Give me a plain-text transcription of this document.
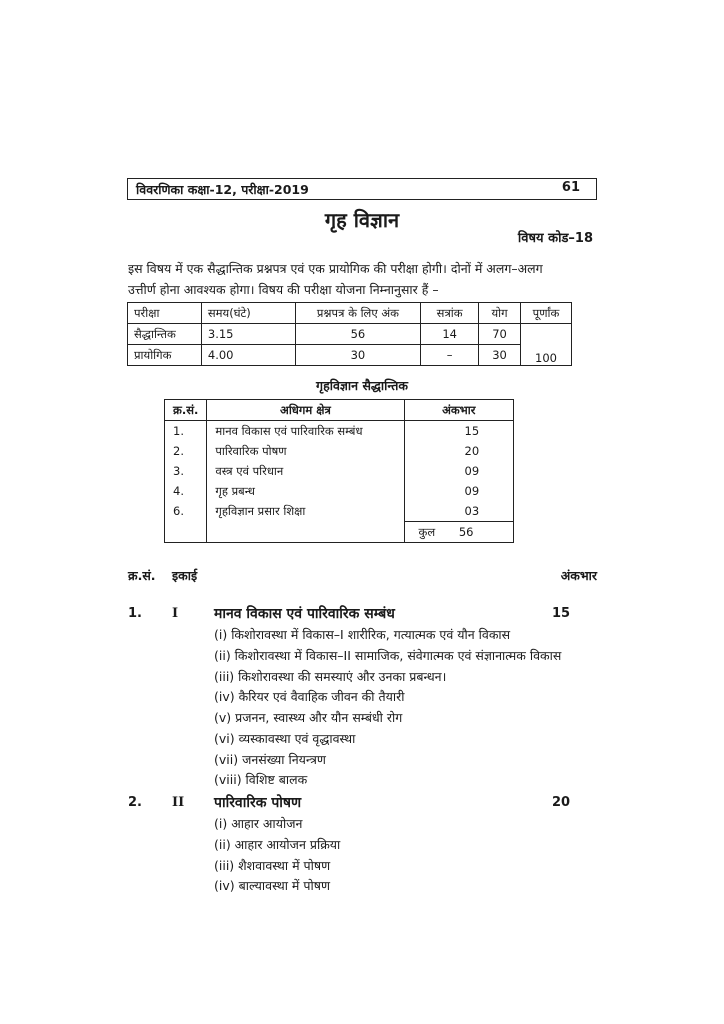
विवरणिका कक्षा-12, परीक्षा-2019	61
गृह विज्ञान
विषय कोड–18
इस विषय में एक सैद्धान्तिक प्रश्नपत्र एवं एक प्रायोगिक की परीक्षा होगी। दोनों में अलग–अलग
उत्तीर्ण होना आवश्यक होगा। विषय की परीक्षा योजना निम्नानुसार हैं –
परीक्षा	समय(घंटे)	प्रश्नपत्र के लिए अंक	सत्रांक	योग	पूर्णांक
सैद्धान्तिक	3.15	56	14	70	
प्रायोगिक	4.00	30	–	30	100
गृहविज्ञान सैद्धान्तिक
क्र.सं.	अधिगम क्षेत्र	अंकभार
1.	मानव विकास एवं पारिवारिक सम्बंध	15
2.	पारिवारिक पोषण	20
3.	वस्त्र एवं परिधान	09
4.	गृह प्रबन्ध	09
6.	गृहविज्ञान प्रसार शिक्षा	03
		कुल 56
क्र.सं. इकाई	अंकभार
1. I	मानव विकास एवं पारिवारिक सम्बंध	15
(i) किशोरावस्था में विकास–I शारीरिक, गत्यात्मक एवं यौन विकास
(ii) किशोरावस्था में विकास–II सामाजिक, संवेगात्मक एवं संज्ञानात्मक विकास
(iii) किशोरावस्था की समस्याएं और उनका प्रबन्धन।
(iv) कैरियर एवं वैवाहिक जीवन की तैयारी
(v) प्रजनन, स्वास्थ्य और यौन सम्बंधी रोग
(vi) व्यस्कावस्था एवं वृद्धावस्था
(vii) जनसंख्या नियन्त्रण
(viii) विशिष्ट बालक
2. II पारिवारिक पोषण	20
(i) आहार आयोजन
(ii) आहार आयोजन प्रक्रिया
(iii) शैशवावस्था में पोषण
(iv) बाल्यावस्था में पोषण
